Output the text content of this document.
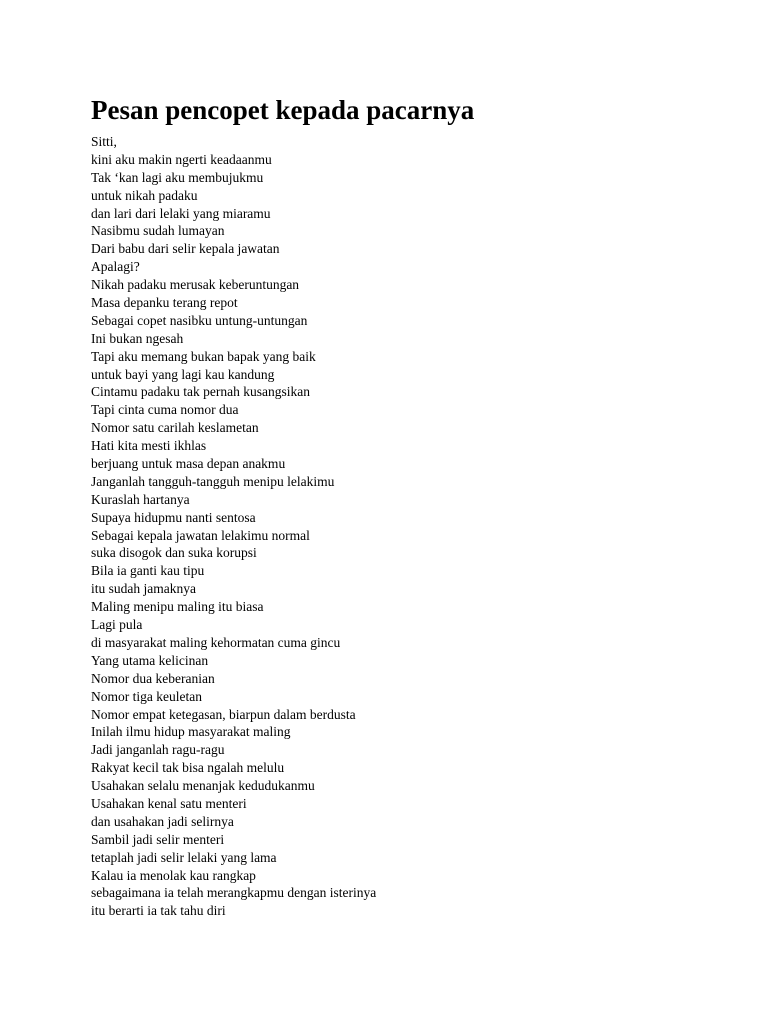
Pesan pencopet kepada pacarnya
Sitti,
kini aku makin ngerti keadaanmu
Tak ‘kan lagi aku membujukmu
untuk nikah padaku
dan lari dari lelaki yang miaramu
Nasibmu sudah lumayan
Dari babu dari selir kepala jawatan
Apalagi?
Nikah padaku merusak keberuntungan
Masa depanku terang repot
Sebagai copet nasibku untung-untungan
Ini bukan ngesah
Tapi aku memang bukan bapak yang baik
untuk bayi yang lagi kau kandung
Cintamu padaku tak pernah kusangsikan
Tapi cinta cuma nomor dua
Nomor satu carilah keslametan
Hati kita mesti ikhlas
berjuang untuk masa depan anakmu
Janganlah tangguh-tangguh menipu lelakimu
Kuraslah hartanya
Supaya hidupmu nanti sentosa
Sebagai kepala jawatan lelakimu normal
suka disogok dan suka korupsi
Bila ia ganti kau tipu
itu sudah jamaknya
Maling menipu maling itu biasa
Lagi pula
di masyarakat maling kehormatan cuma gincu
Yang utama kelicinan
Nomor dua keberanian
Nomor tiga keuletan
Nomor empat ketegasan, biarpun dalam berdusta
Inilah ilmu hidup masyarakat maling
Jadi janganlah ragu-ragu
Rakyat kecil tak bisa ngalah melulu
Usahakan selalu menanjak kedudukanmu
Usahakan kenal satu menteri
dan usahakan jadi selirnya
Sambil jadi selir menteri
tetaplah jadi selir lelaki yang lama
Kalau ia menolak kau rangkap
sebagaimana ia telah merangkapmu dengan isterinya
itu berarti ia tak tahu diri
